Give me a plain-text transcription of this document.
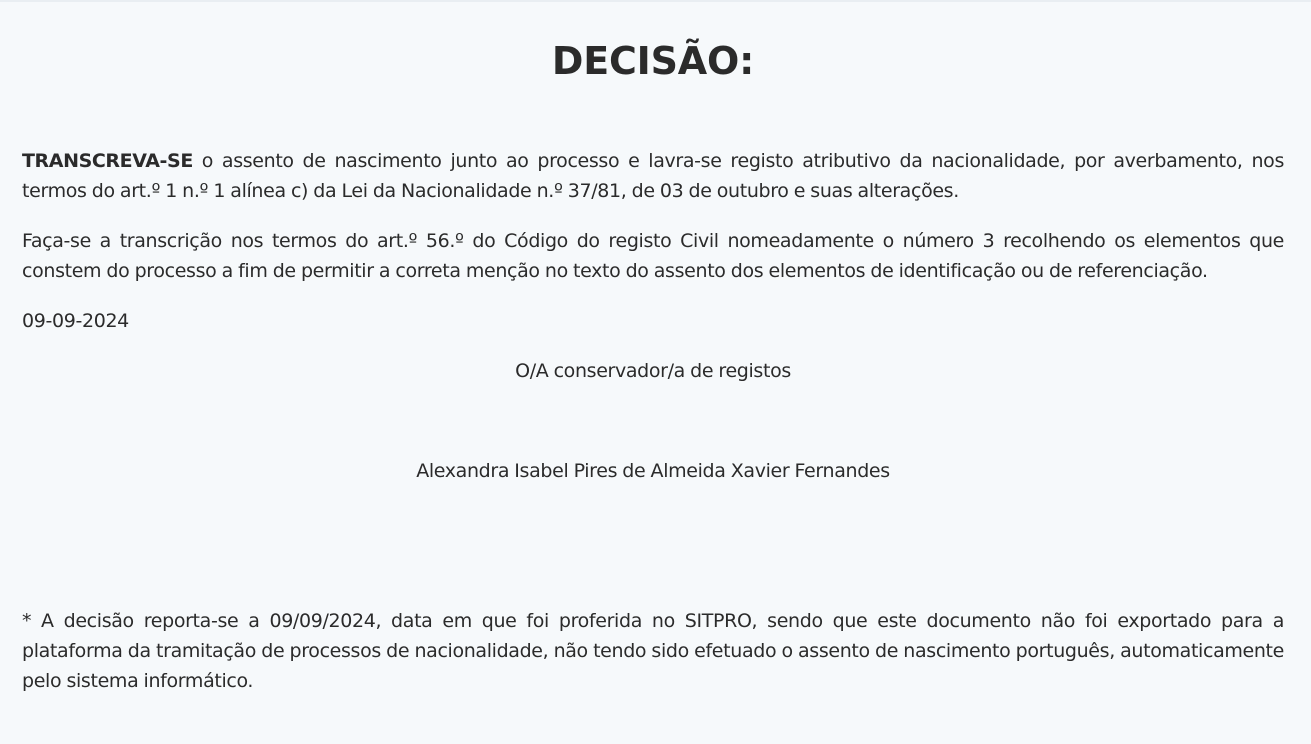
DECISÃO:

TRANSCREVA-SE o assento de nascimento junto ao processo e lavra-se registo atributivo da nacionalidade, por averbamento, nos termos do art.º 1 n.º 1 alínea c) da Lei da Nacionalidade n.º 37/81, de 03 de outubro e suas alterações.

Faça-se a transcrição nos termos do art.º 56.º do Código do registo Civil nomeadamente o número 3 recolhendo os elementos que constem do processo a fim de permitir a correta menção no texto do assento dos elementos de identificação ou de referenciação.

09-09-2024

O/A conservador/a de registos

Alexandra Isabel Pires de Almeida Xavier Fernandes

* A decisão reporta-se a 09/09/2024, data em que foi proferida no SITPRO, sendo que este documento não foi exportado para a plataforma da tramitação de processos de nacionalidade, não tendo sido efetuado o assento de nascimento português, automaticamente pelo sistema informático.
